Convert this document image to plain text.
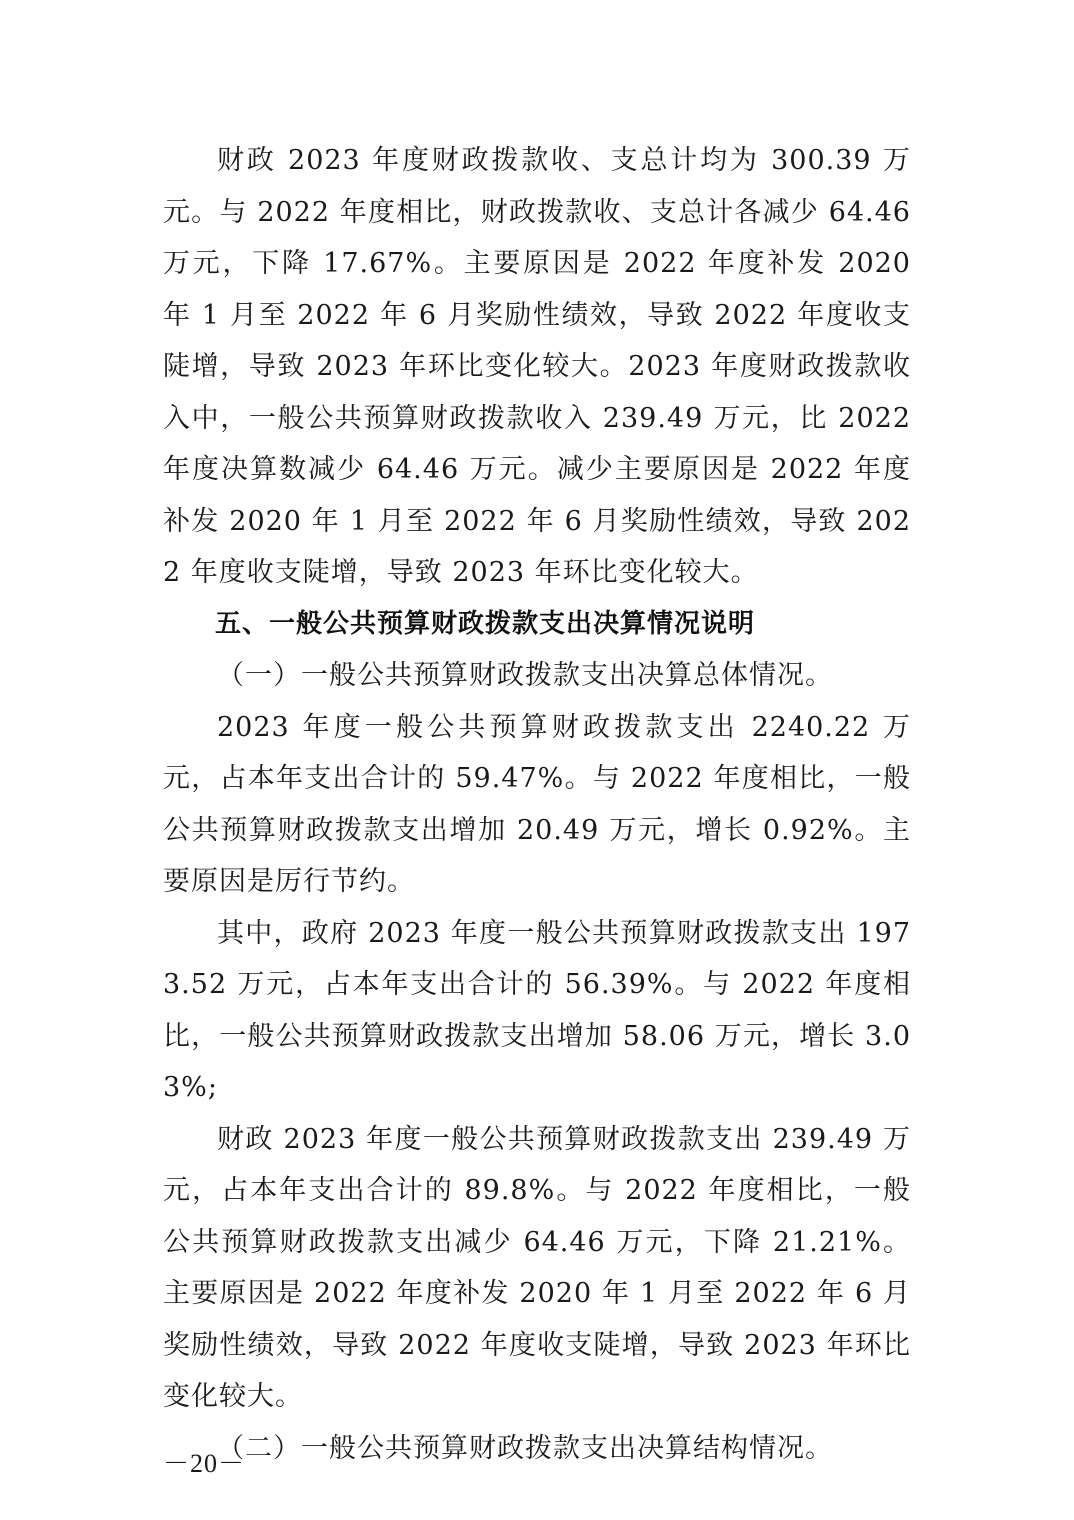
财政 2023 年度财政拨款收、支总计均为 300.39 万元。与 2022 年度相比，财政拨款收、支总计各减少 64.46 万元，下降 17.67%。主要原因是 2022 年度补发 2020 年 1 月至 2022 年 6 月奖励性绩效，导致 2022 年度收支陡增，导致 2023 年环比变化较大。2023 年度财政拨款收入中，一般公共预算财政拨款收入 239.49 万元，比 2022 年度决算数减少 64.46 万元。减少主要原因是 2022 年度补发 2020 年 1 月至 2022 年 6 月奖励性绩效，导致 2022 年度收支陡增，导致 2023 年环比变化较大。

五、一般公共预算财政拨款支出决算情况说明

（一）一般公共预算财政拨款支出决算总体情况。

2023 年度一般公共预算财政拨款支出 2240.22 万元，占本年支出合计的 59.47%。与 2022 年度相比，一般公共预算财政拨款支出增加 20.49 万元，增长 0.92%。主要原因是厉行节约。

其中，政府 2023 年度一般公共预算财政拨款支出 1973.52 万元，占本年支出合计的 56.39%。与 2022 年度相比，一般公共预算财政拨款支出增加 58.06 万元，增长 3.03%;

财政 2023 年度一般公共预算财政拨款支出 239.49 万元，占本年支出合计的 89.8%。与 2022 年度相比，一般公共预算财政拨款支出减少 64.46 万元，下降 21.21%。主要原因是 2022 年度补发 2020 年 1 月至 2022 年 6 月奖励性绩效，导致 2022 年度收支陡增，导致 2023 年环比变化较大。

（二）一般公共预算财政拨款支出决算结构情况。

－20－
